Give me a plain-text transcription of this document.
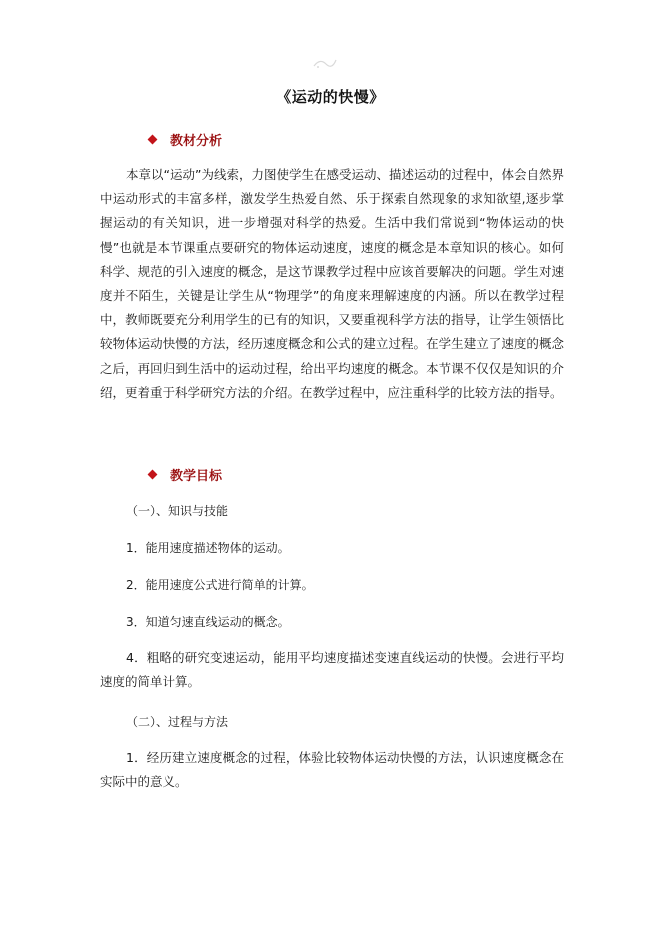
《运动的快慢》
教材分析
本章以“运动”为线索，力图使学生在感受运动、描述运动的过程中，体会自然界中运动形式的丰富多样，激发学生热爱自然、乐于探索自然现象的求知欲望,逐步掌握运动的有关知识，进一步增强对科学的热爱。生活中我们常说到“物体运动的快慢”也就是本节课重点要研究的物体运动速度，速度的概念是本章知识的核心。如何科学、规范的引入速度的概念，是这节课教学过程中应该首要解决的问题。学生对速度并不陌生，关键是让学生从“物理学”的角度来理解速度的内涵。所以在教学过程中，教师既要充分利用学生的已有的知识，又要重视科学方法的指导，让学生领悟比较物体运动快慢的方法，经历速度概念和公式的建立过程。在学生建立了速度的概念之后，再回归到生活中的运动过程，给出平均速度的概念。本节课不仅仅是知识的介绍，更着重于科学研究方法的介绍。在教学过程中，应注重科学的比较方法的指导。
教学目标
（一）、知识与技能
1．能用速度描述物体的运动。
2．能用速度公式进行简单的计算。
3．知道匀速直线运动的概念。
4．粗略的研究变速运动，能用平均速度描述变速直线运动的快慢。会进行平均速度的简单计算。
（二）、过程与方法
1．经历建立速度概念的过程，体验比较物体运动快慢的方法，认识速度概念在实际中的意义。
